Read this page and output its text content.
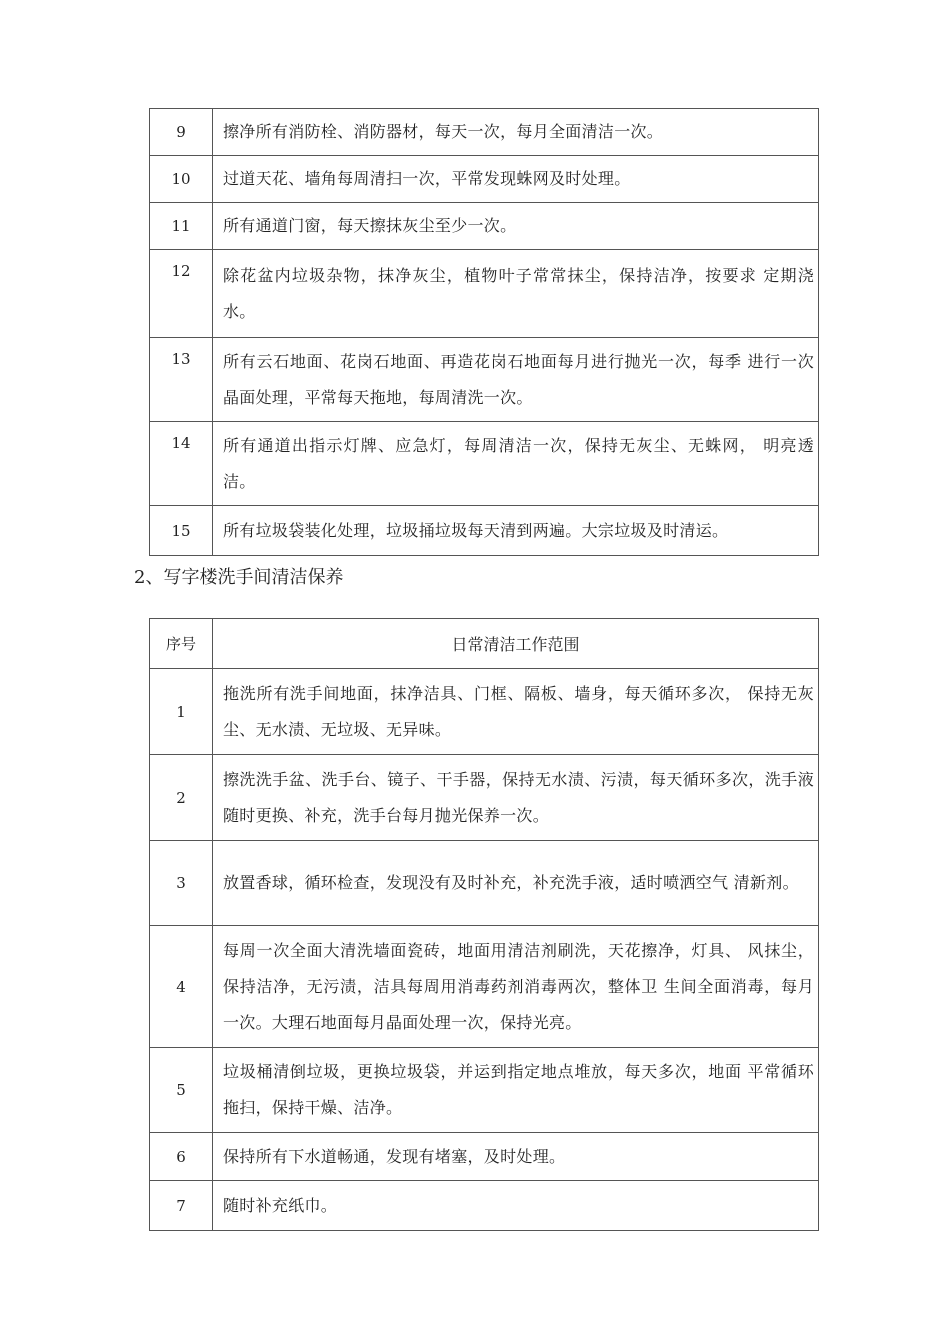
9	擦净所有消防栓、消防器材，每天一次，每月全面清洁一次。
10	过道天花、墙角每周清扫一次，平常发现蛛网及时处理。
11	所有通道门窗，每天擦抹灰尘至少一次。
12	除花盆内垃圾杂物，抹净灰尘，植物叶子常常抹尘，保持洁净，按要求 定期浇水。
13	所有云石地面、花岗石地面、再造花岗石地面每月进行抛光一次，每季 进行一次晶面处理，平常每天拖地，每周清洗一次。
14	所有通道出指示灯牌、应急灯，每周清洁一次，保持无灰尘、无蛛网， 明亮透洁。
15	所有垃圾袋装化处理，垃圾捅垃圾每天清到两遍。大宗垃圾及时清运。
2、写字楼洗手间清洁保养
序号	日常清洁工作范围
1	拖洗所有洗手间地面，抹净洁具、门框、隔板、墙身，每天循环多次， 保持无灰尘、无水渍、无垃圾、无异味。
2	擦洗洗手盆、洗手台、镜子、干手器，保持无水渍、污渍，每天循环多次，洗手液随时更换、补充，洗手台每月抛光保养一次。
3	放置香球，循环检查，发现没有及时补充，补充洗手液，适时喷洒空气 清新剂。
4	每周一次全面大清洗墙面瓷砖，地面用清洁剂刷洗，天花擦净，灯具、 风抹尘，保持洁净，无污渍，洁具每周用消毒药剂消毒两次，整体卫 生间全面消毒，每月一次。大理石地面每月晶面处理一次，保持光亮。
5	垃圾桶清倒垃圾，更换垃圾袋，并运到指定地点堆放，每天多次，地面 平常循环拖扫，保持干燥、洁净。
6	保持所有下水道畅通，发现有堵塞，及时处理。
7	随时补充纸巾。
